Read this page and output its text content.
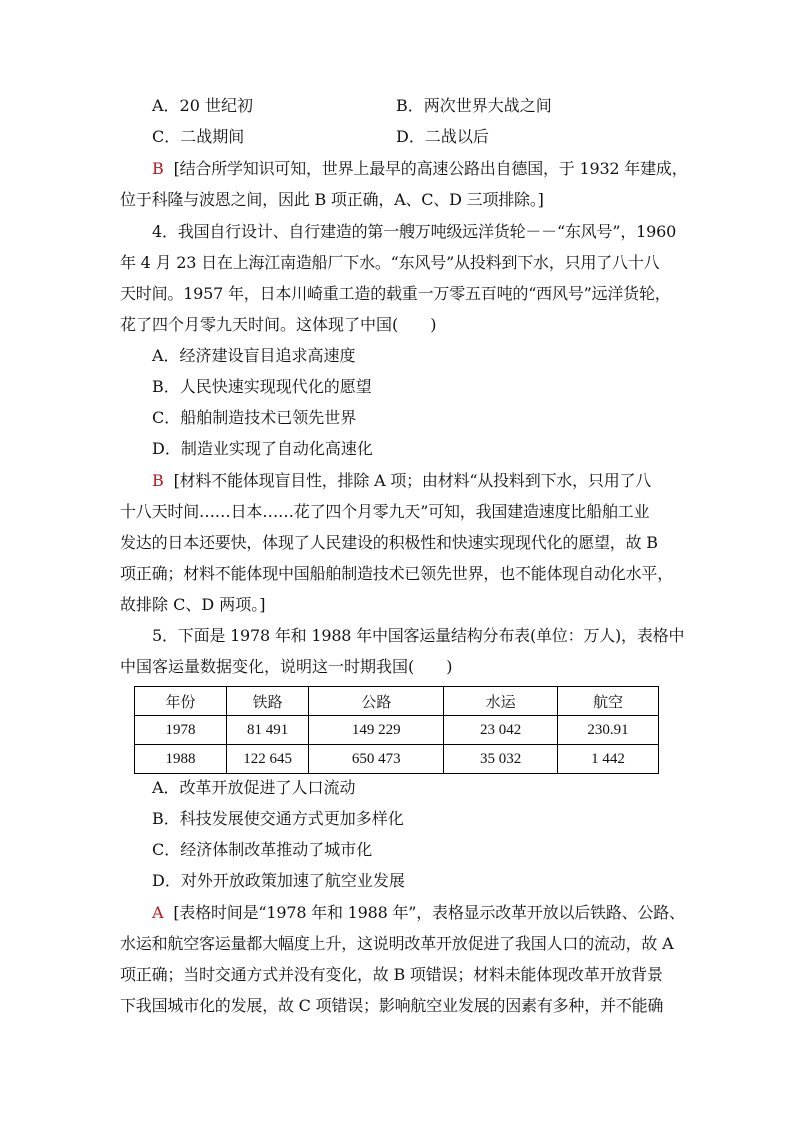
A．20 世纪初	B．两次世界大战之间
C．二战期间	D．二战以后
B [结合所学知识可知，世界上最早的高速公路出自德国，于 1932 年建成，
位于科隆与波恩之间，因此 B 项正确，A、C、D 三项排除。]
4．我国自行设计、自行建造的第一艘万吨级远洋货轮－－“东风号”，1960
年 4 月 23 日在上海江南造船厂下水。“东风号”从投料到下水，只用了八十八
天时间。1957 年，日本川崎重工造的载重一万零五百吨的“西风号”远洋货轮，
花了四个月零九天时间。这体现了中国(　　)
A．经济建设盲目追求高速度
B．人民快速实现现代化的愿望
C．船舶制造技术已领先世界
D．制造业实现了自动化高速化
B [材料不能体现盲目性，排除 A 项；由材料“从投料到下水，只用了八
十八天时间……日本……花了四个月零九天”可知，我国建造速度比船舶工业
发达的日本还要快，体现了人民建设的积极性和快速实现现代化的愿望，故 B
项正确；材料不能体现中国船舶制造技术已领先世界，也不能体现自动化水平，
故排除 C、D 两项。]
5．下面是 1978 年和 1988 年中国客运量结构分布表(单位：万人)，表格中
中国客运量数据变化，说明这一时期我国(　　)
年份	铁路	公路	水运	航空
1978	81 491	149 229	23 042	230.91
1988	122 645	650 473	35 032	1 442
A．改革开放促进了人口流动
B．科技发展使交通方式更加多样化
C．经济体制改革推动了城市化
D．对外开放政策加速了航空业发展
A [表格时间是“1978 年和 1988 年”，表格显示改革开放以后铁路、公路、
水运和航空客运量都大幅度上升，这说明改革开放促进了我国人口的流动，故 A
项正确；当时交通方式并没有变化，故 B 项错误；材料未能体现改革开放背景
下我国城市化的发展，故 C 项错误；影响航空业发展的因素有多种，并不能确
